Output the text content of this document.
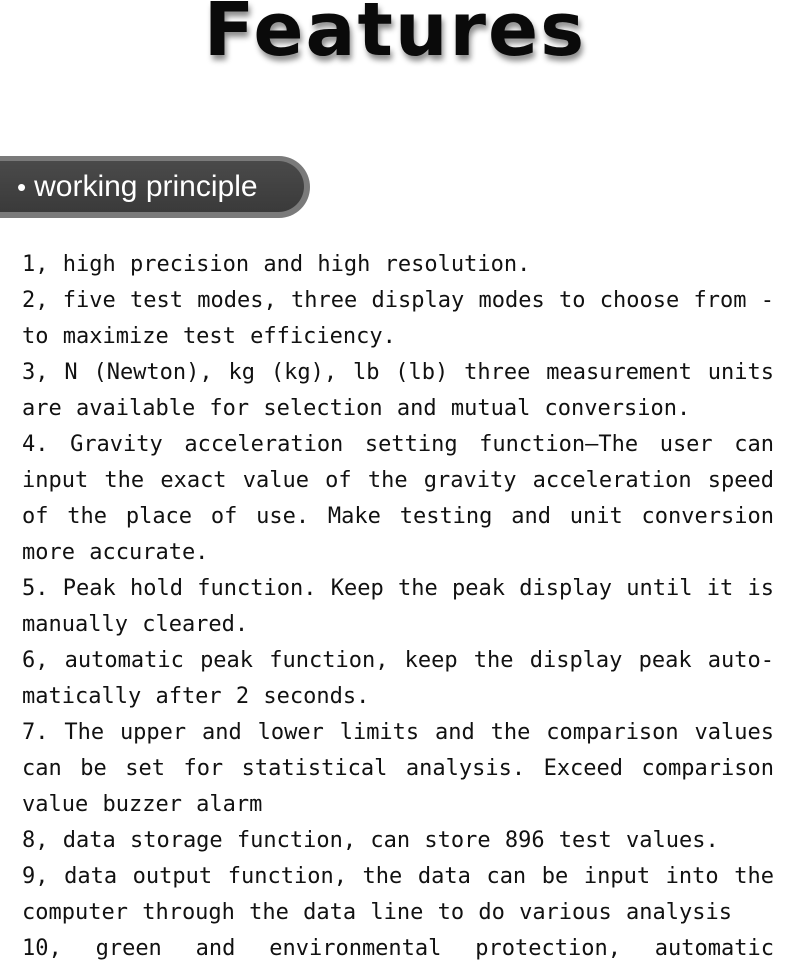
Features
• working principle

1, high precision and high resolution.

2, five test modes, three display modes to choose from - to maximize test efficiency.

3, N (Newton), kg (kg), lb (lb) three measurement units are available for selection and mutual conversion.

4. Gravity acceleration setting function—The user can input the exact value of the gravity acceleration speed of the place of use. Make testing and unit conversion more accurate.

5. Peak hold function. Keep the peak display until it is manually cleared.

6, automatic peak function, keep the display peak auto-matically after 2 seconds.

7. The upper and lower limits and the comparison values can be set for statistical analysis. Exceed comparison value buzzer alarm

8, data storage function, can store 896 test values.

9, data output function, the data can be input into the computer through the data line to do various analysis

10, green and environmental protection, automatic
